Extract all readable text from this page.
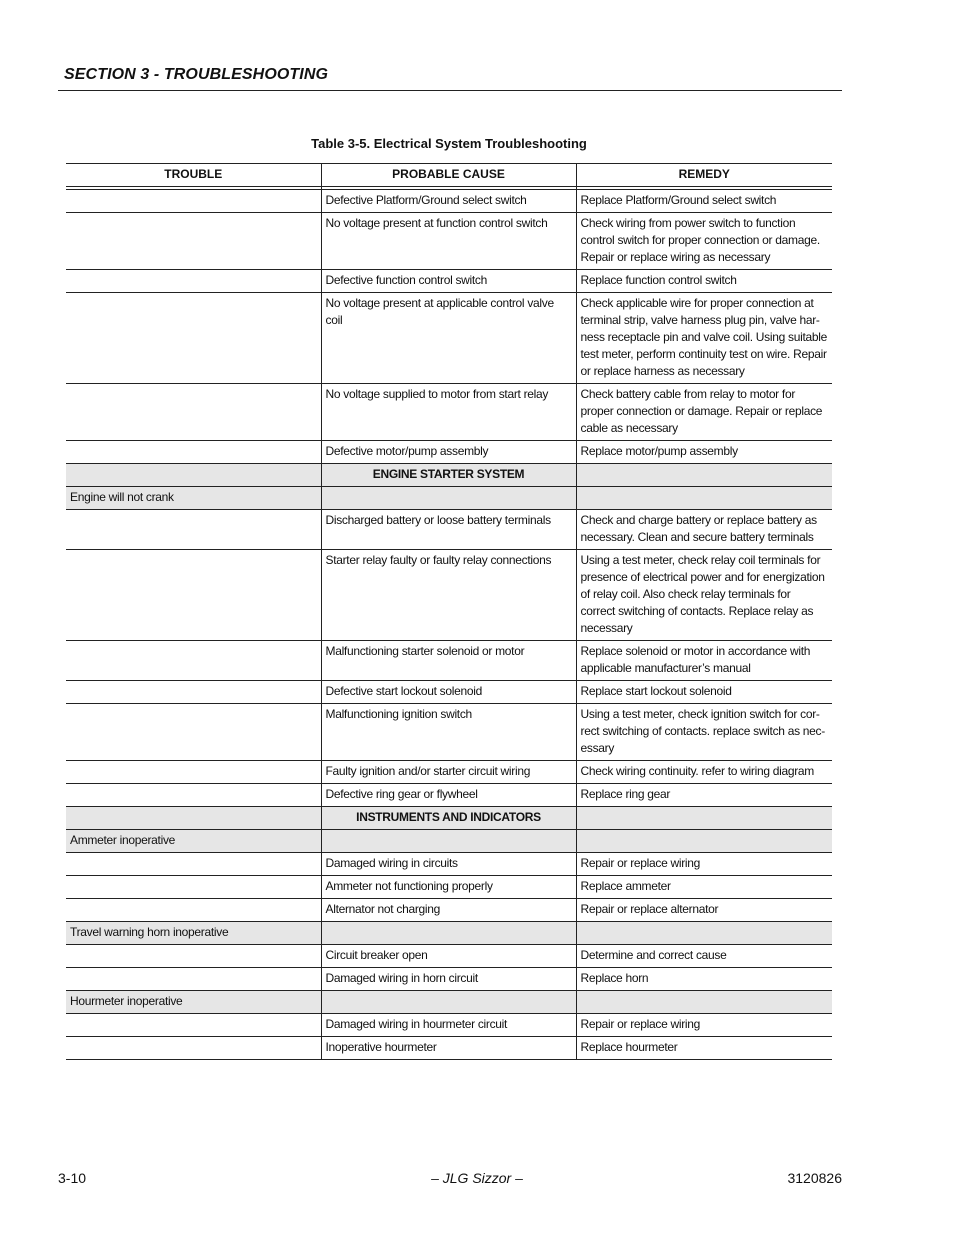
SECTION 3 - TROUBLESHOOTING
Table 3-5. Electrical System Troubleshooting
TROUBLE	PROBABLE CAUSE	REMEDY

	Defective Platform/Ground select switch	Replace Platform/Ground select switch
	No voltage present at function control switch	Check wiring from power switch to function control switch for proper connection or damage. Repair or replace wiring as necessary
	Defective function control switch	Replace function control switch
	No voltage present at applicable control valve coil	Check applicable wire for proper connection at terminal strip, valve harness plug pin, valve har-ness receptacle pin and valve coil. Using suitable test meter, perform continuity test on wire. Repair or replace harness as necessary
	No voltage supplied to motor from start relay	Check battery cable from relay to motor for proper connection or damage. Repair or replace cable as necessary
	Defective motor/pump assembly	Replace motor/pump assembly
	ENGINE STARTER SYSTEM	
Engine will not crank		
	Discharged battery or loose battery terminals	Check and charge battery or replace battery as necessary. Clean and secure battery terminals
	Starter relay faulty or faulty relay connections	Using a test meter, check relay coil terminals for presence of electrical power and for energization of relay coil. Also check relay terminals for correct switching of contacts. Replace relay as necessary
	Malfunctioning starter solenoid or motor	Replace solenoid or motor in accordance with applicable manufacturer’s manual
	Defective start lockout solenoid	Replace start lockout solenoid
	Malfunctioning ignition switch	Using a test meter, check ignition switch for cor-rect switching of contacts. replace switch as nec-essary
	Faulty ignition and/or starter circuit wiring	Check wiring continuity. refer to wiring diagram
	Defective ring gear or flywheel	Replace ring gear
	INSTRUMENTS AND INDICATORS	
Ammeter inoperative		
	Damaged wiring in circuits	Repair or replace wiring
	Ammeter not functioning properly	Replace ammeter
	Alternator not charging	Repair or replace alternator
Travel warning horn inoperative		
	Circuit breaker open	Determine and correct cause
	Damaged wiring in horn circuit	Replace horn
Hourmeter inoperative		
	Damaged wiring in hourmeter circuit	Repair or replace wiring
	Inoperative hourmeter	Replace hourmeter
3-10	– JLG Sizzor –	3120826
